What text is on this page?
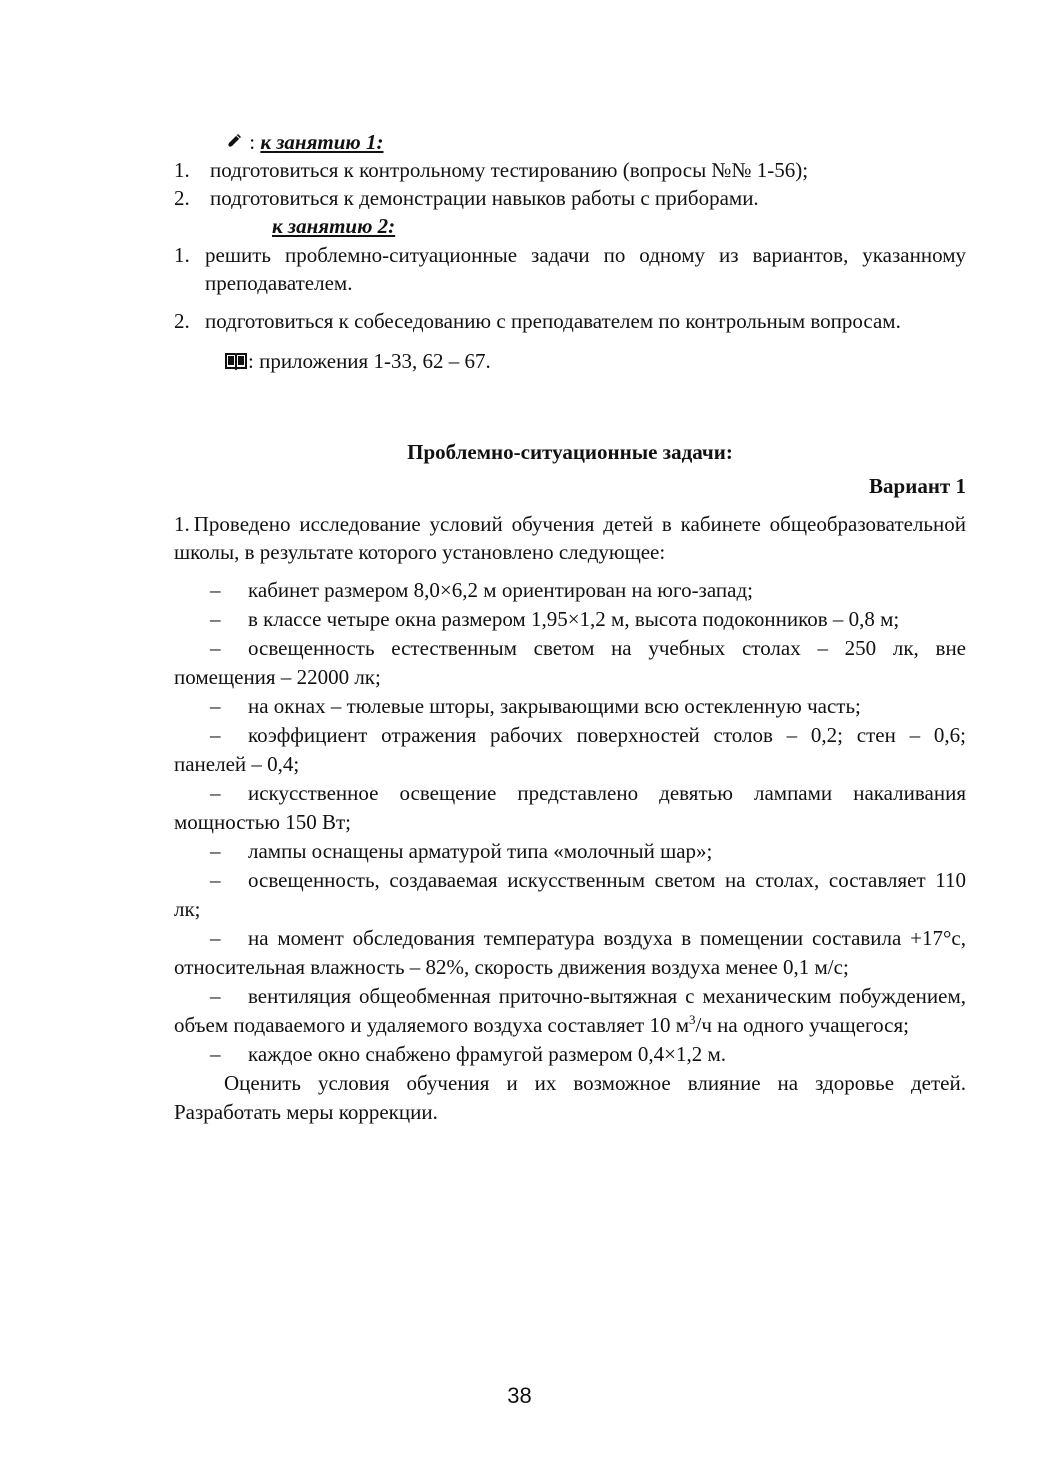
: к занятию 1:
1. подготовиться к контрольному тестированию (вопросы №№ 1-56);
2. подготовиться к демонстрации навыков работы с приборами.
к занятию 2:
1. решить проблемно-ситуационные задачи по одному из вариантов, указанному преподавателем.
2. подготовиться к собеседованию с преподавателем по контрольным вопросам.
: приложения 1-33, 62 – 67.
Проблемно-ситуационные задачи:
Вариант 1
1. Проведено исследование условий обучения детей в кабинете общеобразовательной школы, в результате которого установлено следующее:
– кабинет размером 8,0×6,2 м ориентирован на юго-запад;
– в классе четыре окна размером 1,95×1,2 м, высота подоконников – 0,8 м;
– освещенность естественным светом на учебных столах – 250 лк, вне помещения – 22000 лк;
– на окнах – тюлевые шторы, закрывающими всю остекленную часть;
– коэффициент отражения рабочих поверхностей столов – 0,2; стен – 0,6; панелей – 0,4;
– искусственное освещение представлено девятью лампами накаливания мощностью 150 Вт;
– лампы оснащены арматурой типа «молочный шар»;
– освещенность, создаваемая искусственным светом на столах, составляет 110 лк;
– на момент обследования температура воздуха в помещении составила +17°с, относительная влажность – 82%, скорость движения воздуха менее 0,1 м/с;
– вентиляция общеобменная приточно-вытяжная с механическим побуждением, объем подаваемого и удаляемого воздуха составляет 10 $м^3/ч$ на одного учащегося;
– каждое окно снабжено фрамугой размером 0,4×1,2 м.
Оценить условия обучения и их возможное влияние на здоровье детей. Разработать меры коррекции.
38
